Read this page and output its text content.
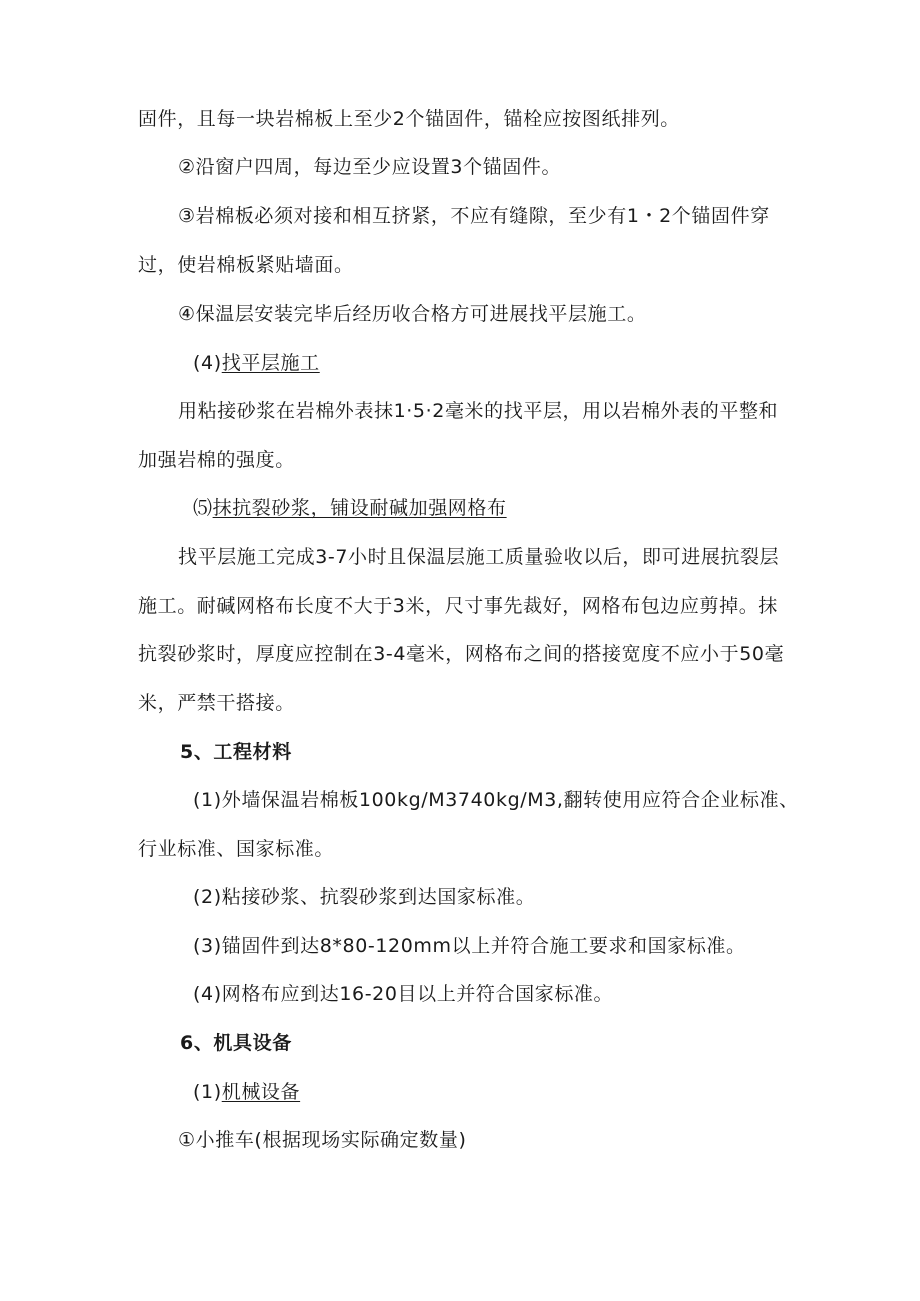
固件，且每一块岩棉板上至少2个锚固件，锚栓应按图纸排列。
②沿窗户四周，每边至少应设置3个锚固件。
③岩棉板必须对接和相互挤紧，不应有缝隙，至少有1・2个锚固件穿
过，使岩棉板紧贴墙面。
④保温层安装完毕后经历收合格方可进展找平层施工。
(4)找平层施工
用粘接砂浆在岩棉外表抹1·5·2毫米的找平层，用以岩棉外表的平整和
加强岩棉的强度。
⑸抹抗裂砂浆，铺设耐碱加强网格布
找平层施工完成3-7小时且保温层施工质量验收以后，即可进展抗裂层
施工。耐碱网格布长度不大于3米，尺寸事先裁好，网格布包边应剪掉。抹
抗裂砂浆时，厚度应控制在3-4毫米，网格布之间的搭接宽度不应小于50毫
米，严禁干搭接。
5、工程材料
(1)外墙保温岩棉板100kg∕M3740kg∕M3,翻转使用应符合企业标准、
行业标准、国家标准。
(2)粘接砂浆、抗裂砂浆到达国家标准。
(3)锚固件到达8*80-120mm以上并符合施工要求和国家标准。
(4)网格布应到达16-20目以上并符合国家标准。
6、机具设备
(1)机械设备
①小推车(根据现场实际确定数量)
